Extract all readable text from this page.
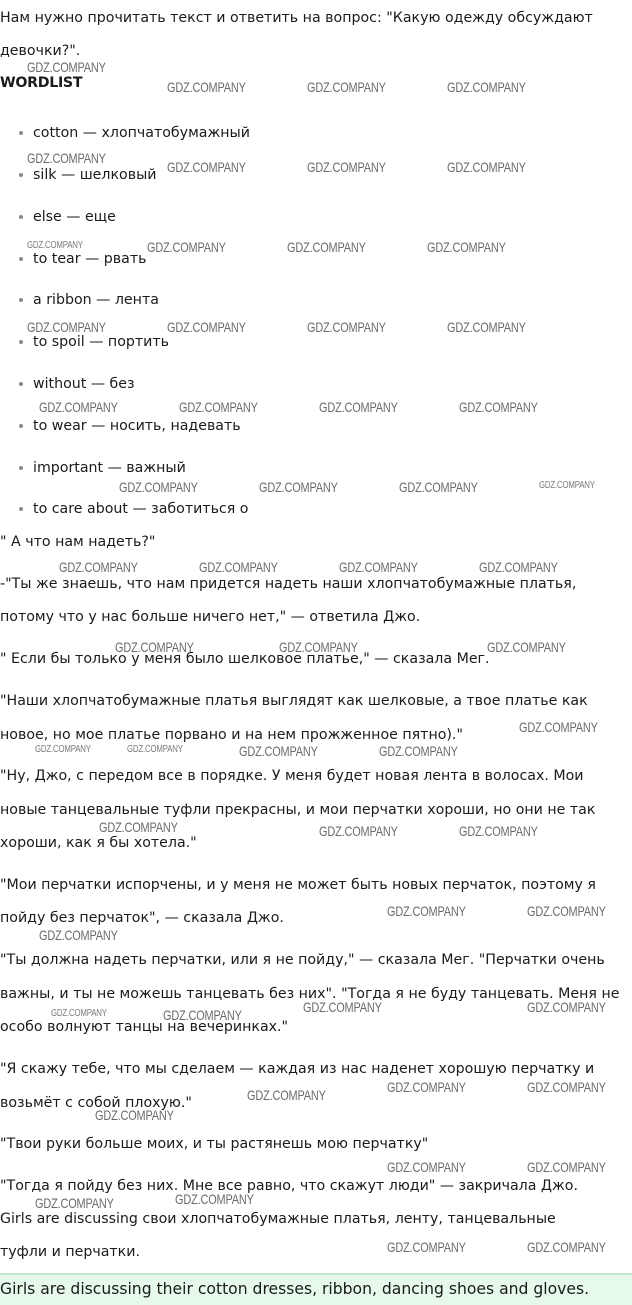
Нам нужно прочитать текст и ответить на вопрос: "Какую одежду обсуждают
девочки?".
WORDLIST
cotton — хлопчатобумажный
silk — шелковый
else — еще
to tear — рвать
a ribbon — лента
to spoil — портить
without — без
to wear — носить, надевать
important — важный
to care about — заботиться о
" А что нам надеть?"
-"Ты же знаешь, что нам придется надеть наши хлопчатобумажные платья,
потому что у нас больше ничего нет," — ответила Джо.
" Если бы только у меня было шелковое платье," — сказала Мег.
"Наши хлопчатобумажные платья выглядят как шелковые, а твое платье как
новое, но мое платье порвано и на нем прожженное пятно)."
"Ну, Джо, с передом все в порядке. У меня будет новая лента в волосах. Мои
новые танцевальные туфли прекрасны, и мои перчатки хороши, но они не так
хороши, как я бы хотела."
"Мои перчатки испорчены, и у меня не может быть новых перчаток, поэтому я
пойду без перчаток", — сказала Джо.
"Ты должна надеть перчатки, или я не пойду," — сказала Мег. "Перчатки очень
важны, и ты не можешь танцевать без них". "Тогда я не буду танцевать. Меня не
особо волнуют танцы на вечеринках."
"Я скажу тебе, что мы сделаем — каждая из нас наденет хорошую перчатку и
возьмёт с собой плохую."
"Твои руки больше моих, и ты растянешь мою перчатку"
"Тогда я пойду без них. Мне все равно, что скажут люди" — закричала Джо.
Girls are discussing свои хлопчатобумажные платья, ленту, танцевальные
туфли и перчатки.
Girls are discussing their cotton dresses, ribbon, dancing shoes and gloves.
GDZ.COMPANY
GDZ.COMPANY	GDZ.COMPANY	GDZ.COMPANY
GDZ.COMPANY
GDZ.COMPANY	GDZ.COMPANY	GDZ.COMPANY
GDZ.COMPANY	GDZ.COMPANY	GDZ.COMPANY	GDZ.COMPANY
GDZ.COMPANY	GDZ.COMPANY	GDZ.COMPANY	GDZ.COMPANY
GDZ.COMPANY	GDZ.COMPANY	GDZ.COMPANY	GDZ.COMPANY
GDZ.COMPANY	GDZ.COMPANY	GDZ.COMPANY	GDZ.COMPANY
GDZ.COMPANY	GDZ.COMPANY	GDZ.COMPANY	GDZ.COMPANY
GDZ.COMPANY	GDZ.COMPANY	GDZ.COMPANY
GDZ.COMPANY
GDZ.COMPANY	GDZ.COMPANY	GDZ.COMPANY	GDZ.COMPANY
GDZ.COMPANY	GDZ.COMPANY	GDZ.COMPANY
GDZ.COMPANY	GDZ.COMPANY
GDZ.COMPANY
GDZ.COMPANY	GDZ.COMPANY
GDZ.COMPANY	GDZ.COMPANY
GDZ.COMPANY	GDZ.COMPANY
GDZ.COMPANY
GDZ.COMPANY
GDZ.COMPANY	GDZ.COMPANY
GDZ.COMPANY
GDZ.COMPANY
GDZ.COMPANY	GDZ.COMPANY
